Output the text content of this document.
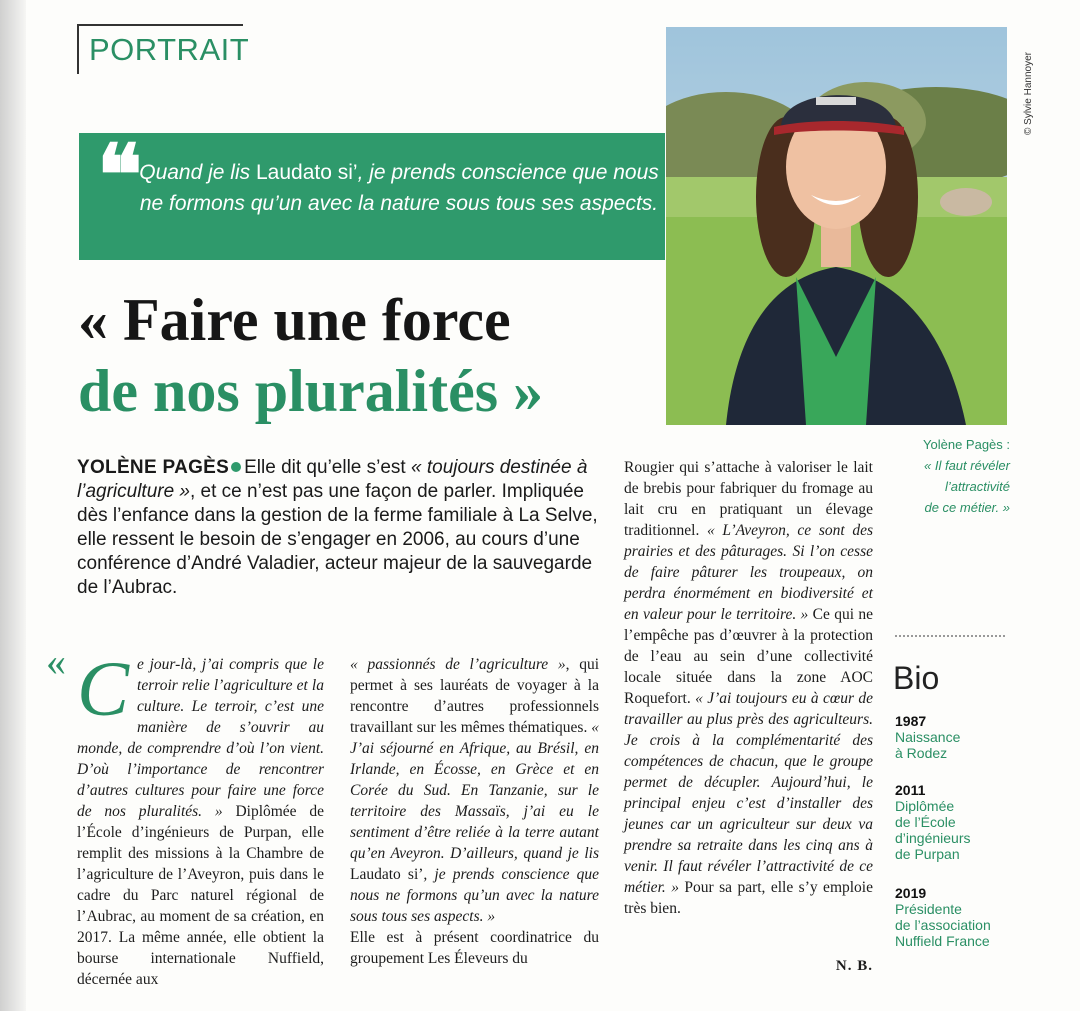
PORTRAIT
❝
Quand je lis Laudato si’, je prends conscience que nous ne formons qu’un avec la nature sous tous ses aspects.
© Sylvie Hannoyer
« Faire une force
de nos pluralités »
Yolène Pagès :
« Il faut révéler
l’attractivité
de ce métier. »
YOLÈNE PAGÈS Elle dit qu’elle s’est « toujours destinée à l’agriculture », et ce n’est pas une façon de parler. Impliquée dès l’enfance dans la gestion de la ferme familiale à La Selve, elle ressent le besoin de s’engager en 2006, au cours d’une conférence d’André Valadier, acteur majeur de la sauvegarde de l’Aubrac.
« Ce jour-là, j’ai compris que le terroir relie l’agriculture et la culture. Le terroir, c’est une manière de s’ouvrir au monde, de comprendre d’où l’on vient. D’où l’importance de rencontrer d’autres cultures pour faire une force de nos pluralités. » Diplômée de l’École d’ingénieurs de Purpan, elle remplit des missions à la Chambre de l’agriculture de l’Aveyron, puis dans le cadre du Parc naturel régional de l’Aubrac, au moment de sa création, en 2017. La même année, elle obtient la bourse internationale Nuffield, décernée aux

« passionnés de l’agriculture », qui permet à ses lauréats de voyager à la rencontre d’autres professionnels travaillant sur les mêmes thématiques. « J’ai séjourné en Afrique, au Brésil, en Irlande, en Écosse, en Grèce et en Corée du Sud. En Tanzanie, sur le territoire des Massaïs, j’ai eu le sentiment d’être reliée à la terre autant qu’en Aveyron. D’ailleurs, quand je lis Laudato si’, je prends conscience que nous ne formons qu’un avec la nature sous tous ses aspects. »

Elle est à présent coordinatrice du groupement Les Éleveurs du

Rougier qui s’attache à valoriser le lait de brebis pour fabriquer du fromage au lait cru en pratiquant un élevage traditionnel. « L’Aveyron, ce sont des prairies et des pâturages. Si l’on cesse de faire pâturer les troupeaux, on perdra énormément en biodiversité et en valeur pour le territoire. » Ce qui ne l’empêche pas d’œuvrer à la protection de l’eau au sein d’une collectivité locale située dans la zone AOC Roquefort. « J’ai toujours eu à cœur de travailler au plus près des agriculteurs. Je crois à la complémentarité des compétences de chacun, que le groupe permet de décupler. Aujourd’hui, le principal enjeu c’est d’installer des jeunes car un agriculteur sur deux va prendre sa retraite dans les cinq ans à venir. Il faut révéler l’attractivité de ce métier. » Pour sa part, elle s’y emploie très bien.

N. B.
Bio
1987
Naissance
à Rodez
2011
Diplômée
de l’École
d’ingénieurs
de Purpan
2019
Présidente
de l’association
Nuffield France
